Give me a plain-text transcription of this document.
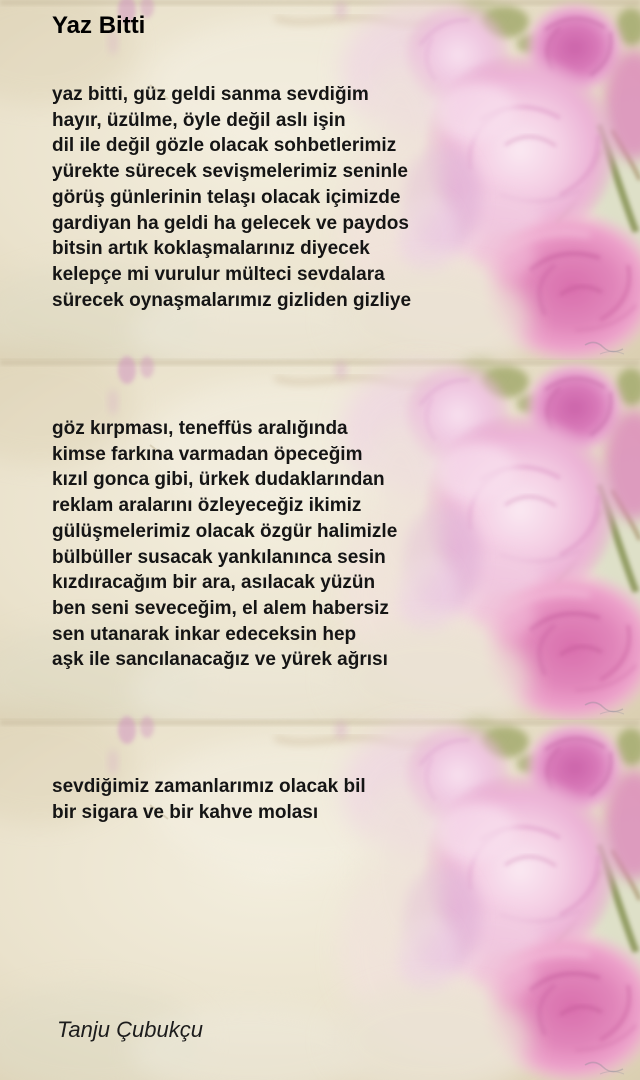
Yaz Bitti
yaz bitti, güz geldi sanma sevdiğim
hayır, üzülme, öyle değil aslı işin
dil ile değil gözle olacak sohbetlerimiz
yürekte sürecek sevişmelerimiz seninle
görüş günlerinin telaşı olacak içimizde
gardiyan ha geldi ha gelecek ve paydos
bitsin artık koklaşmalarınız diyecek
kelepçe mi vurulur mülteci sevdalara
sürecek oynaşmalarımız gizliden gizliye
göz kırpması, teneffüs aralığında
kimse farkına varmadan öpeceğim
kızıl gonca gibi, ürkek dudaklarından
reklam aralarını özleyeceğiz ikimiz
gülüşmelerimiz olacak özgür halimizle
bülbüller susacak yankılanınca sesin
kızdıracağım bir ara, asılacak yüzün
ben seni seveceğim, el alem habersiz
sen utanarak inkar edeceksin hep
aşk ile sancılanacağız ve yürek ağrısı
sevdiğimiz zamanlarımız olacak bil
bir sigara ve bir kahve molası
Tanju Çubukçu
